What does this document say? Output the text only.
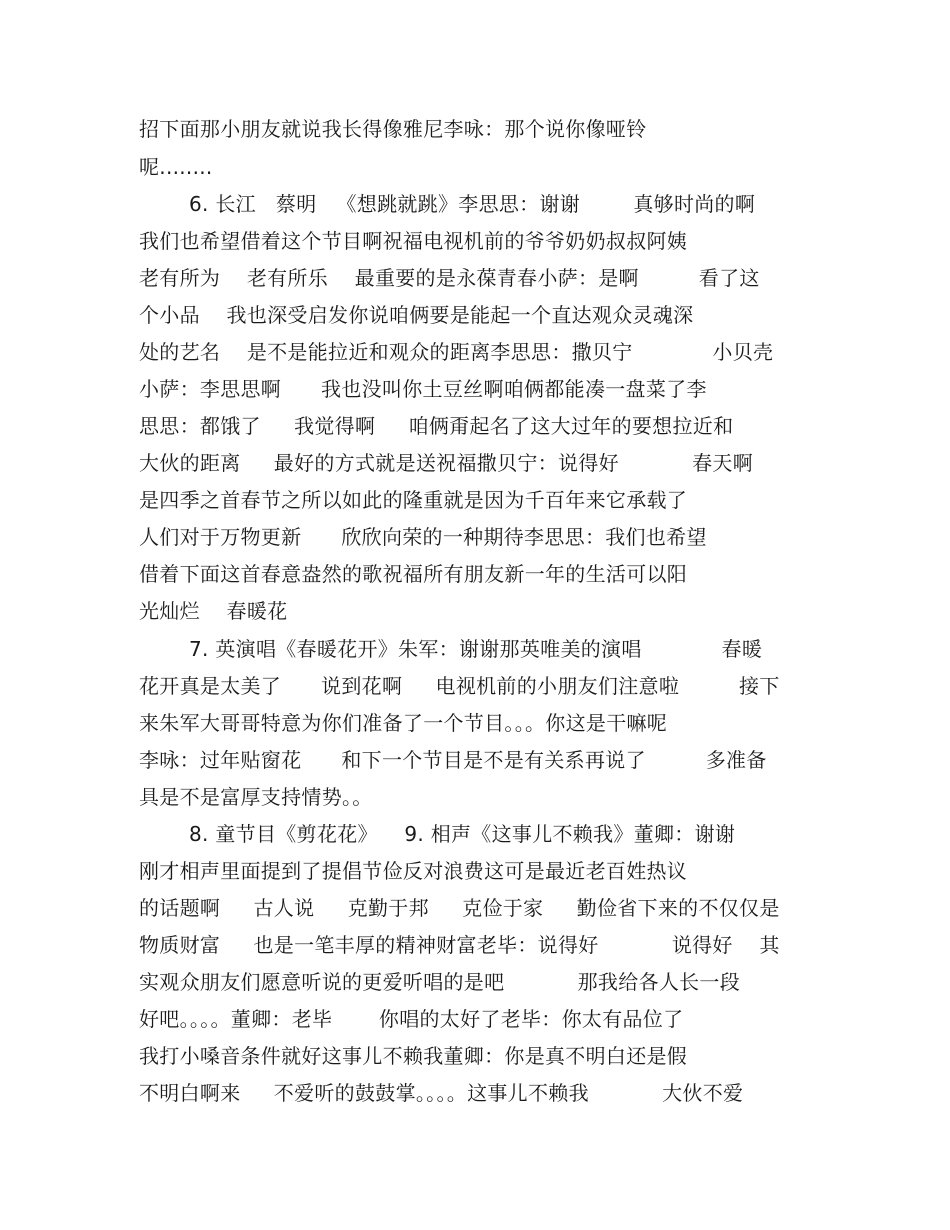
招下面那小朋友就说我长得像雅尼李咏：那个说你像哑铃
呢........
6. 长江   蔡明   《想跳就跳》李思思：谢谢        真够时尚的啊
我们也希望借着这个节目啊祝福电视机前的爷爷奶奶叔叔阿姨
老有所为    老有所乐    最重要的是永葆青春小萨：是啊         看了这
个小品    我也深受启发你说咱俩要是能起一个直达观众灵魂深
处的艺名    是不是能拉近和观众的距离李思思：撒贝宁            小贝壳
小萨：李思思啊      我也没叫你土豆丝啊咱俩都能凑一盘菜了李
思思：都饿了     我觉得啊     咱俩甭起名了这大过年的要想拉近和
大伙的距离     最好的方式就是送祝福撒贝宁：说得好           春天啊
是四季之首春节之所以如此的隆重就是因为千百年来它承载了
人们对于万物更新      欣欣向荣的一种期待李思思：我们也希望
借着下面这首春意盎然的歌祝福所有朋友新一年的生活可以阳
光灿烂    春暖花
7. 英演唱《春暖花开》朱军：谢谢那英唯美的演唱            春暖
花开真是太美了      说到花啊     电视机前的小朋友们注意啦         接下
来朱军大哥哥特意为你们准备了一个节目。。。你这是干嘛呢
李咏：过年贴窗花      和下一个节目是不是有关系再说了         多准备
具是不是富厚支持情势。。
8. 童节目《剪花花》    9. 相声《这事儿不赖我》董卿：谢谢
刚才相声里面提到了提倡节俭反对浪费这可是最近老百姓热议
的话题啊     古人说     克勤于邦     克俭于家     勤俭省下来的不仅仅是
物质财富     也是一笔丰厚的精神财富老毕：说得好           说得好    其
实观众朋友们愿意听说的更爱听唱的是吧           那我给各人长一段
好吧。。。。董卿：老毕       你唱的太好了老毕：你太有品位了
我打小嗓音条件就好这事儿不赖我董卿：你是真不明白还是假
不明白啊来     不爱听的鼓鼓掌。。。。这事儿不赖我           大伙不爱
